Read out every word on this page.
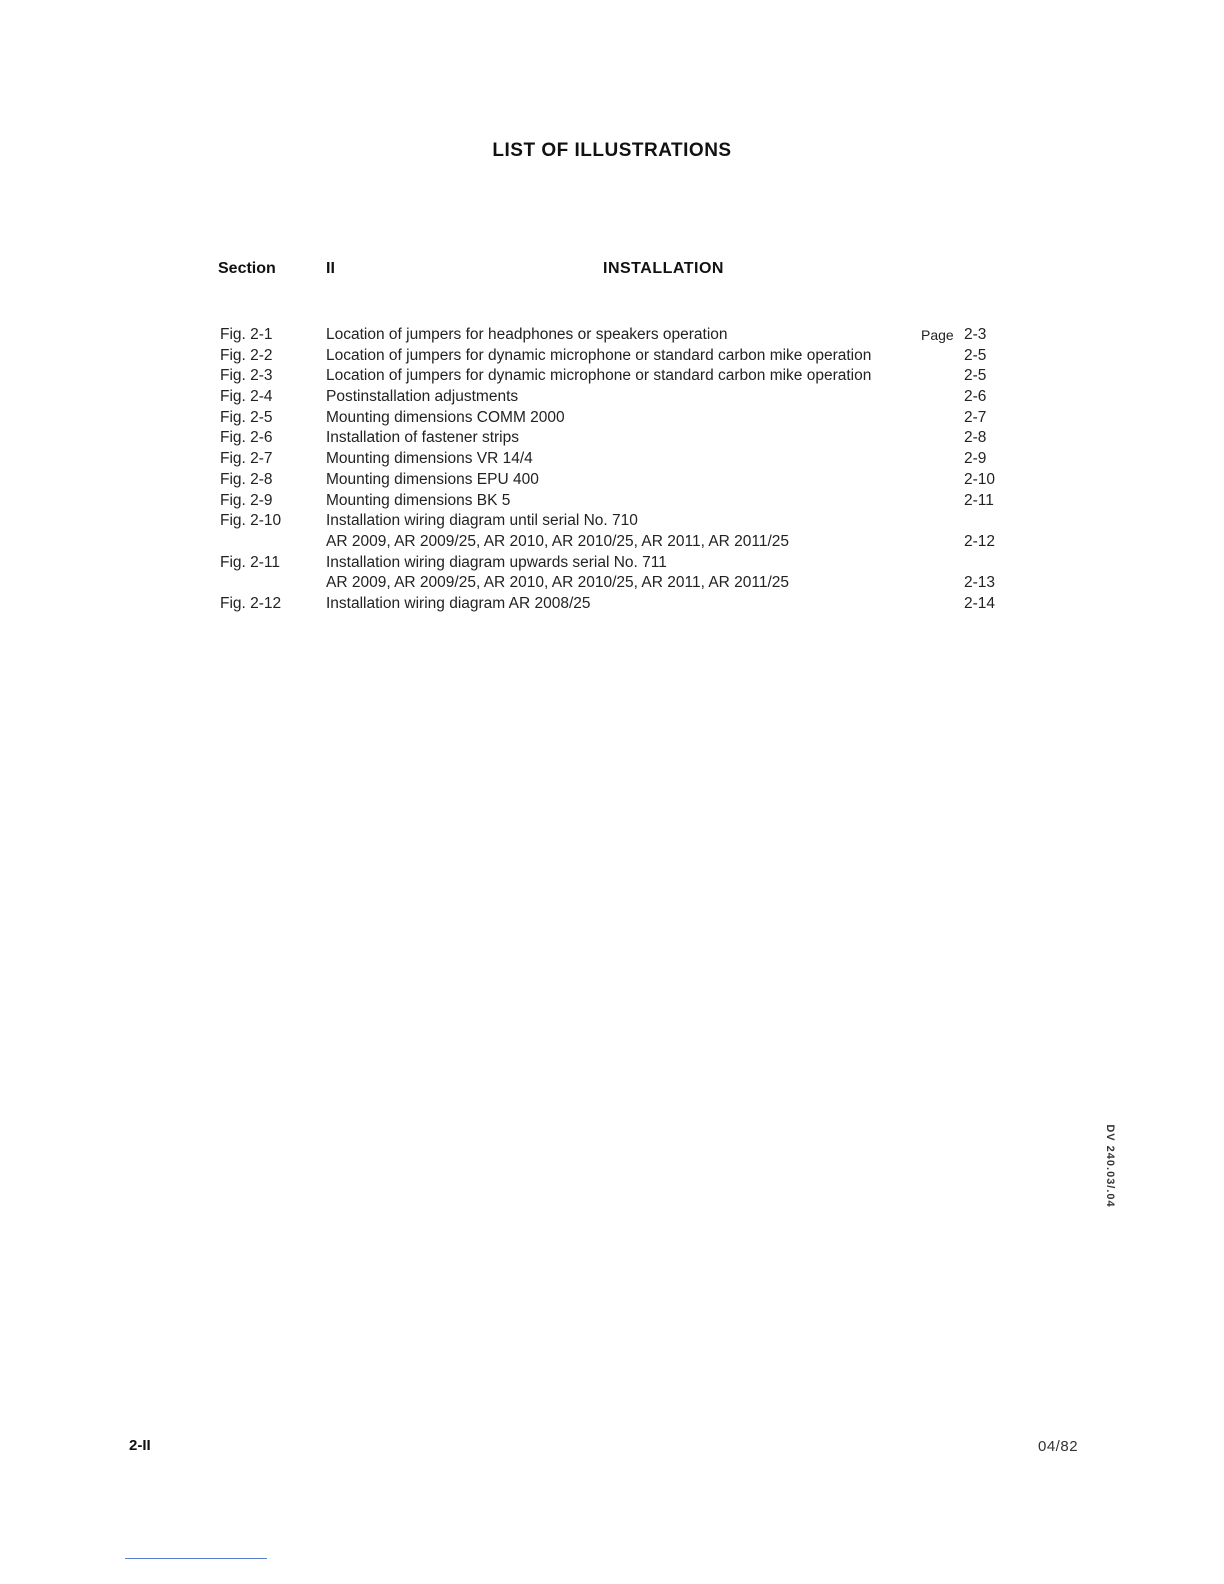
LIST OF ILLUSTRATIONS
Section	II	INSTALLATION
Fig. 2-1	Location of jumpers for headphones or speakers operation	Page 2-3
Fig. 2-2	Location of jumpers for dynamic microphone or standard carbon mike operation	2-5
Fig. 2-3	Location of jumpers for dynamic microphone or standard carbon mike operation	2-5
Fig. 2-4	Postinstallation adjustments	2-6
Fig. 2-5	Mounting dimensions COMM 2000	2-7
Fig. 2-6	Installation of fastener strips	2-8
Fig. 2-7	Mounting dimensions VR 14/4	2-9
Fig. 2-8	Mounting dimensions EPU 400	2-10
Fig. 2-9	Mounting dimensions BK 5	2-11
Fig. 2-10	Installation wiring diagram until serial No. 710
AR 2009, AR 2009/25, AR 2010, AR 2010/25, AR 2011, AR 2011/25	2-12
Fig. 2-11	Installation wiring diagram upwards serial No. 711
AR 2009, AR 2009/25, AR 2010, AR 2010/25, AR 2011, AR 2011/25	2-13
Fig. 2-12	Installation wiring diagram AR 2008/25	2-14
DV 240.03/.04
2-II	04/82
